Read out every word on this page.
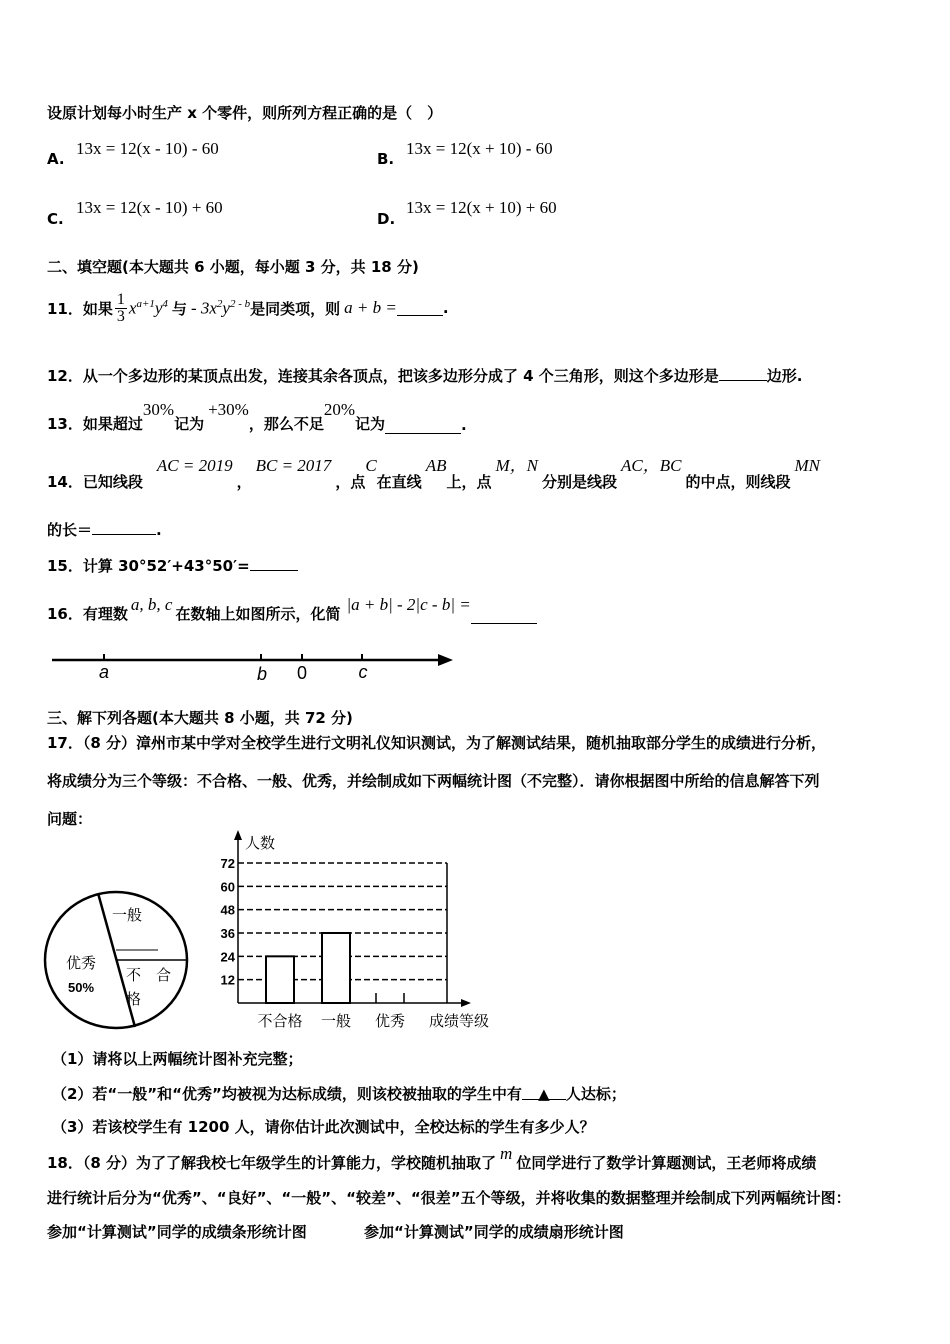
设原计划每小时生产 x 个零件，则所列方程正确的是（　）
A.
13x = 12(x - 10) - 60
B.
13x = 12(x + 10) - 60
C.
13x = 12(x - 10) + 60
D.
13x = 12(x + 10) + 60
二、填空题(本大题共 6 小题，每小题 3 分，共 18 分)
11． 如果 $\frac{1}{3} x^{a+1}y^4$ 与 - $3x^2y^{2 - b}$ 是同类项，则 a + b =	.
12．从一个多边形的某顶点出发，连接其余各顶点，把该多边形分成了 4 个三角形，则这个多边形是	边形.
13． 如果超过
30%
记为
+30%
，那么不足
20%
记为	.
14． 已知线段
AC = 2019
，
BC = 2017
，点
C
在直线
AB
上，点
M，N
分别是线段
AC，BC
的中点，则线段
MN
的长＝	.
15．计算 30°52′+43°50′=
16． 有理数 a, b, c 在数轴上如图所示，化简 |a + b| - 2|c - b| =
a	b 0	c
三、解下列各题(本大题共 8 小题，共 72 分)
17．（8 分）漳州市某中学对全校学生进行文明礼仪知识测试，为了解测试结果，随机抽取部分学生的成绩进行分析，
将成绩分为三个等级：不合格、一般、优秀，并绘制成如下两幅统计图（不完整）．请你根据图中所给的信息解答下列
问题：
一般
优秀
50%
不　合
格
人数
12
24
36
48
60
72
不合格 一般 优秀 成绩等级
（1）请将以上两幅统计图补充完整；
（2）若“一般”和“优秀”均被视为达标成绩，则该校被抽取的学生中有 ▲ 人达标；
（3）若该校学生有 1200 人，请你估计此次测试中，全校达标的学生有多少人？
18．（8 分）为了了解我校七年级学生的计算能力，学校随机抽取了 m 位同学进行了数学计算题测试，王老师将成绩
进行统计后分为“优秀”、“良好”、“一般”、“较差”、“很差”五个等级，并将收集的数据整理并绘制成下列两幅统计图：
参加“计算测试”同学的成绩条形统计图	参加“计算测试”同学的成绩扇形统计图
